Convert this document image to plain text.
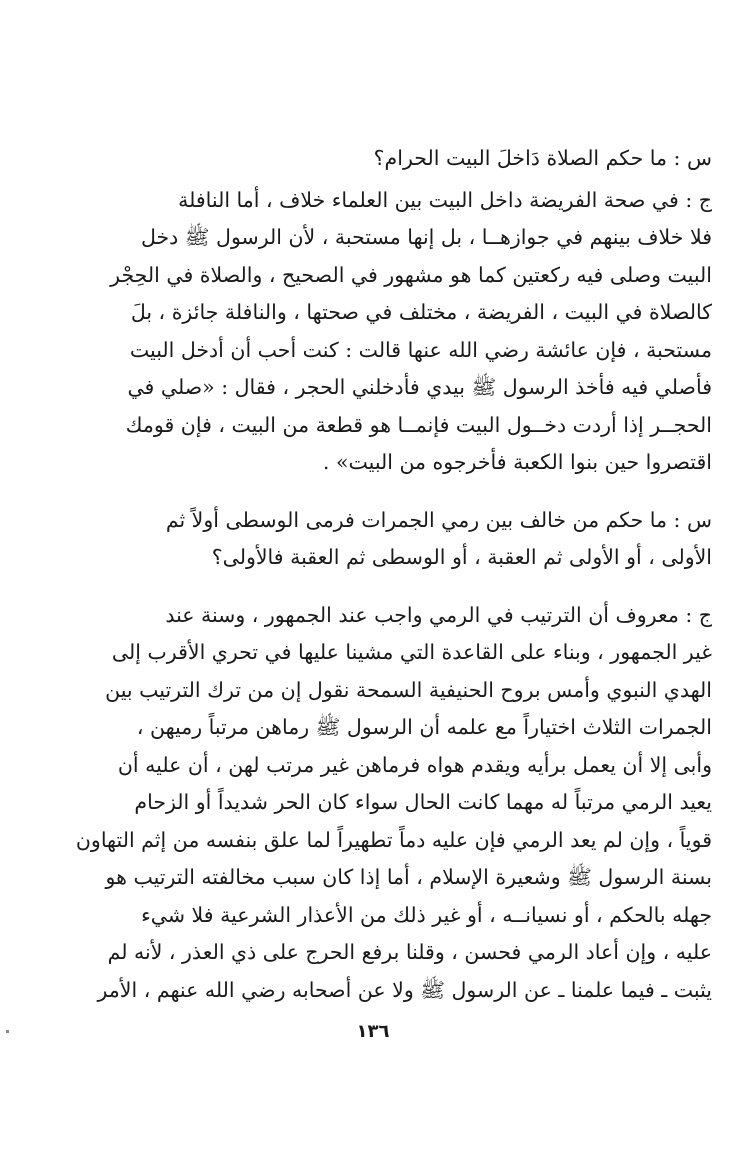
س : ما حكم الصلاة دَاخلَ البيت الحرام؟
ج : في صحة الفريضة داخل البيت بين العلماء خلاف ، أما النافلة
فلا خلاف بينهم في جوازهــا ، بل إنها مستحبة ، لأن الرسول ﷺ دخل
البيت وصلى فيه ركعتين كما هو مشهور في الصحيح ، والصلاة في الحِجْر
كالصلاة في البيت ، الفريضة ، مختلف في صحتها ، والنافلة جائزة ، بلَ
مستحبة ، فإن عائشة رضي الله عنها قالت : كنت أحب أن أدخل البيت
فأصلي فيه فأخذ الرسول ﷺ بيدي فأدخلني الحجر ، فقال : «صلي في
الحجــر إذا أردت دخــول البيت فإنمــا هو قطعة من البيت ، فإن قومك
اقتصروا حين بنوا الكعبة فأخرجوه من البيت» .
س : ما حكم من خالف بين رمي الجمرات فرمى الوسطى أولاً ثم
الأولى ، أو الأولى ثم العقبة ، أو الوسطى ثم العقبة فالأولى؟
ج : معروف أن الترتيب في الرمي واجب عند الجمهور ، وسنة عند
غير الجمهور ، وبناء على القاعدة التي مشينا عليها في تحري الأقرب إلى
الهدي النبوي وأمس بروح الحنيفية السمحة نقول إن من ترك الترتيب بين
الجمرات الثلاث اختياراً مع علمه أن الرسول ﷺ رماهن مرتباً رميهن ،
وأبى إلا أن يعمل برأيه ويقدم هواه فرماهن غير مرتب لهن ، أن عليه أن
يعيد الرمي مرتباً له مهما كانت الحال سواء كان الحر شديداً أو الزحام
قوياً ، وإن لم يعد الرمي فإن عليه دماً تطهيراً لما علق بنفسه من إثم التهاون
بسنة الرسول ﷺ وشعيرة الإسلام ، أما إذا كان سبب مخالفته الترتيب هو
جهله بالحكم ، أو نسيانــه ، أو غير ذلك من الأعذار الشرعية فلا شيء
عليه ، وإن أعاد الرمي فحسن ، وقلنا برفع الحرج على ذي العذر ، لأنه لم
يثبت ـ فيما علمنا ـ عن الرسول ﷺ ولا عن أصحابه رضي الله عنهم ، الأمر
١٣٦
